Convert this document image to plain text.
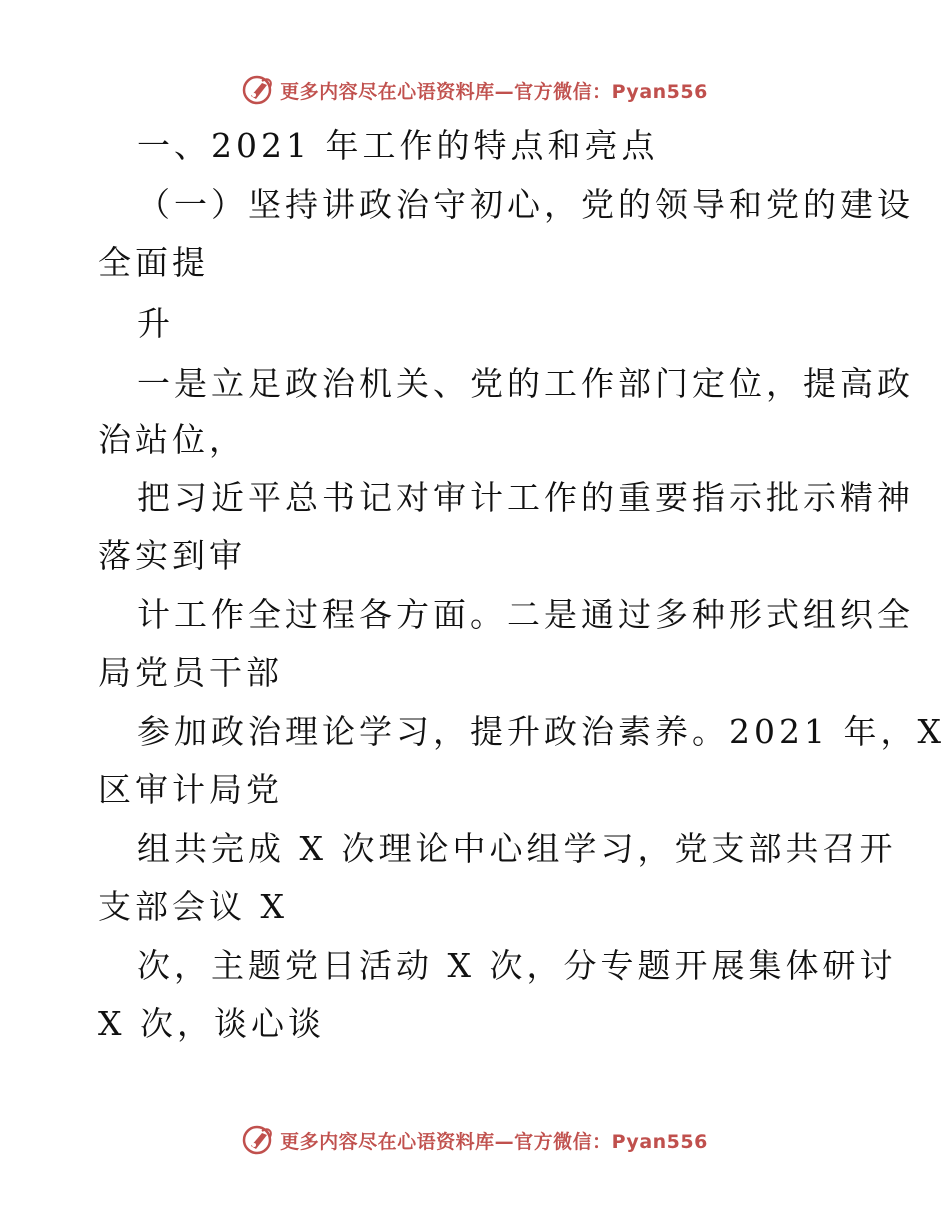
更多内容尽在心语资料库—官方微信：Pyan556
一、2021 年工作的特点和亮点
（一）坚持讲政治守初心，党的领导和党的建设
全面提
升
一是立足政治机关、党的工作部门定位，提高政
治站位，
把习近平总书记对审计工作的重要指示批示精神
落实到审
计工作全过程各方面。二是通过多种形式组织全
局党员干部
参加政治理论学习，提升政治素养。2021 年，X
区审计局党
组共完成 X 次理论中心组学习，党支部共召开
支部会议 X
次，主题党日活动 X 次，分专题开展集体研讨
X 次，谈心谈
更多内容尽在心语资料库—官方微信：Pyan556
